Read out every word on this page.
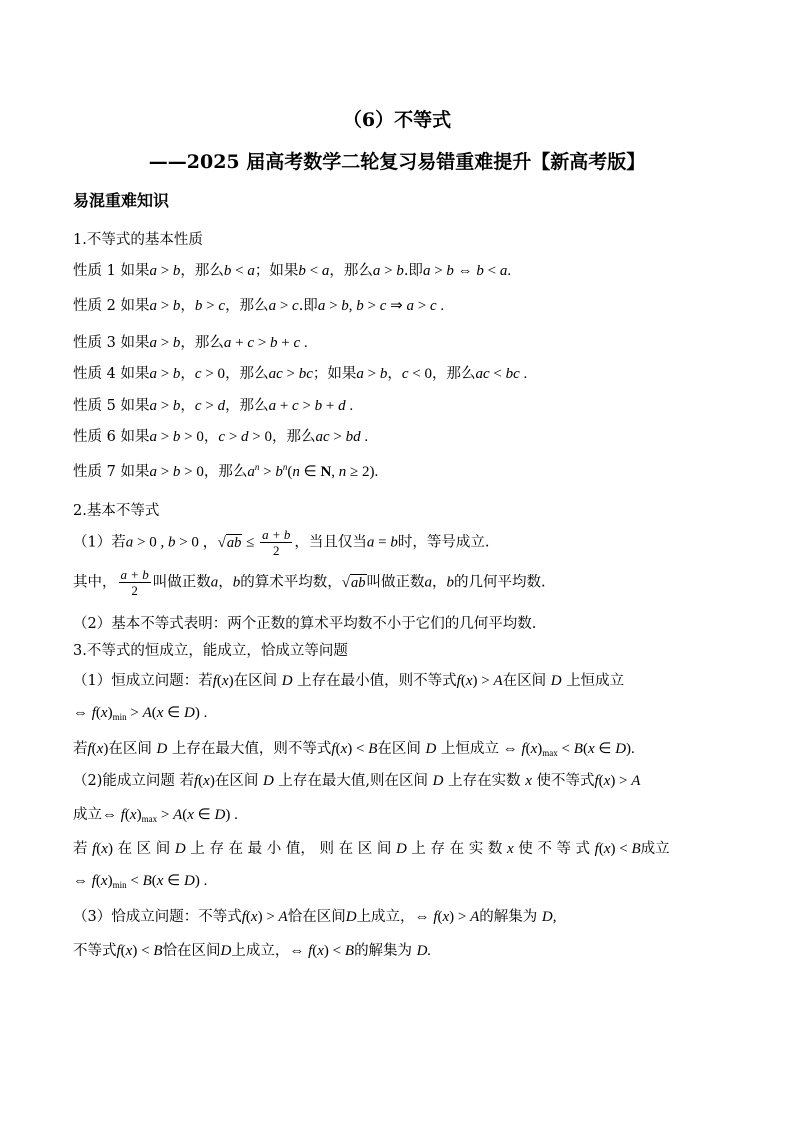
（6）不等式
——2025 届高考数学二轮复习易错重难提升【新高考版】
易混重难知识
1.不等式的基本性质
性质 1 如果a > b，那么b < a；如果b < a，那么a > b.即a > b ⇔ b < a.
性质 2 如果a > b，b > c，那么a > c.即a > b, b > c ⇒ a > c .
性质 3 如果a > b，那么a + c > b + c .
性质 4 如果a > b，c > 0，那么ac > bc；如果a > b，c < 0，那么ac < bc .
性质 5 如果a > b，c > d，那么a + c > b + d .
性质 6 如果a > b > 0，c > d > 0，那么ac > bd .
性质 7 如果a > b > 0，那么$a^n > b^n(n$ ∈ N, n ≥ 2).
2.基本不等式
（1）若a > 0 , b > 0 ，$√ab \le \frac{a + b}{2}$ ，当且仅当a = b时，等号成立.
其中， $\frac{a + b}{2}$ 叫做正数a，b的算术平均数，√ab叫做正数a，b的几何平均数.
（2）基本不等式表明：两个正数的算术平均数不小于它们的几何平均数.
3.不等式的恒成立，能成立，恰成立等问题
（1）恒成立问题：若f(x)在区间 D 上存在最小值，则不等式f(x) > A在区间 D 上恒成立
⇔ $f(x)_{min} > A(x$ ∈ D) .
若f(x)在区间 D 上存在最大值，则不等式f(x) < B在区间 D 上恒成立 ⇔ $f(x)_{max} < B(x$ ∈ D).
（2)能成立问题 若f(x)在区间 D 上存在最大值,则在区间 D 上存在实数 x 使不等式f(x) > A
成立⇔ $f(x)_{max} > A(x$ ∈ D) .
若 f(x) 在 区 间 D 上 存 在 最 小 值， 则 在 区 间 D 上 存 在 实 数 x 使 不 等 式 f(x) < B成立
⇔ $f(x)_{min} < B(x$ ∈ D) .
（3）恰成立问题：不等式f(x) > A恰在区间D上成立，⇔ f(x) > A的解集为 D,
不等式f(x) < B恰在区间D上成立，⇔ f(x) < B的解集为 D.
